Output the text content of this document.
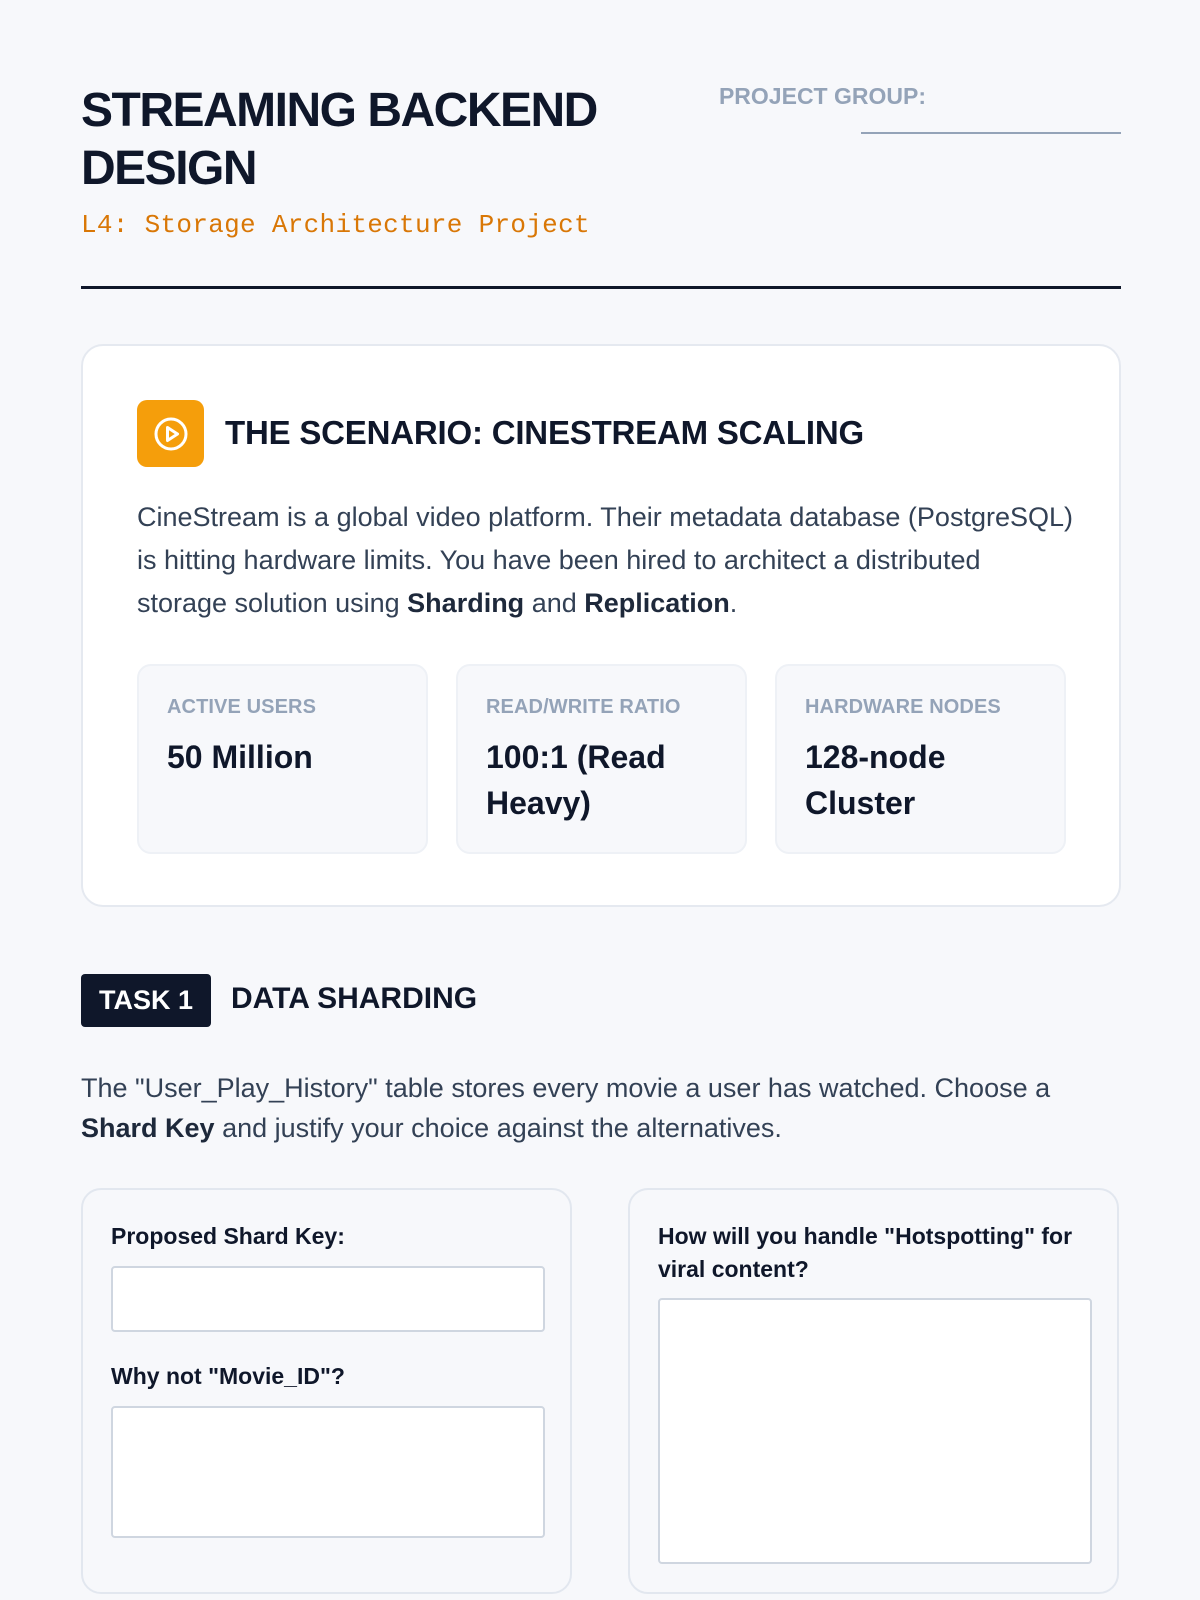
STREAMING BACKEND DESIGN
L4: Storage Architecture Project
PROJECT GROUP:
THE SCENARIO: CINESTREAM SCALING
CineStream is a global video platform. Their metadata database (PostgreSQL) is hitting hardware limits. You have been hired to architect a distributed storage solution using Sharding and Replication.
ACTIVE USERS
50 Million
READ/WRITE RATIO
100:1 (Read Heavy)
HARDWARE NODES
128-node Cluster
TASK 1	DATA SHARDING
The "User_Play_History" table stores every movie a user has watched. Choose a Shard Key and justify your choice against the alternatives.
Proposed Shard Key:
Why not "Movie_ID"?
How will you handle "Hotspotting" for viral content?
